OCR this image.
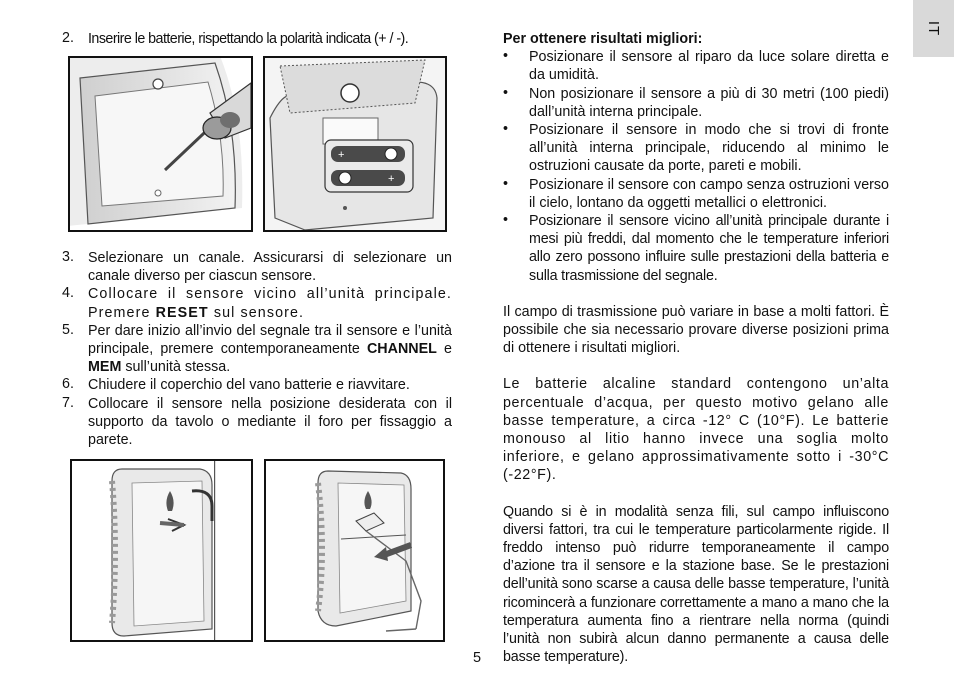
IT
2. Inserire le batterie, rispettando la polarità indicata (+ / -).

+
+
3. Selezionare un canale. Assicurarsi di selezionare un canale diverso per ciascun sensore.

4. Collocare il sensore vicino all’unità principale. Premere RESET sul sensore.

5. Per dare inizio all’invio del segnale tra il sensore e l’unità principale, premere contemporaneamente CHANNEL e MEM sull’unità stessa.

6. Chiudere il coperchio del vano batterie e riavvitare.

7. Collocare il sensore nella posizione desiderata con il supporto da tavolo o mediante il foro per fissaggio a parete.

Per ottenere risultati migliori:

•	Posizionare il sensore al riparo da luce solare diretta e da umidità.

•	Non posizionare il sensore a più di 30 metri (100 piedi) dall’unità interna principale.

•	Posizionare il sensore in modo che si trovi di fronte all’unità interna principale, riducendo al minimo le ostruzioni causate da porte, pareti e mobili.

•	Posizionare il sensore con campo senza ostruzioni verso il cielo, lontano da oggetti metallici o elettronici.

•	Posizionare il sensore vicino all’unità principale durante i mesi più freddi, dal momento che le temperature inferiori allo zero possono influire sulle prestazioni della batteria e sulla trasmissione del segnale.

Il campo di trasmissione può variare in base a molti fattori. È possibile che sia necessario provare diverse posizioni prima di ottenere i risultati migliori.

Le batterie alcaline standard contengono un’alta percentuale d’acqua, per questo motivo gelano alle basse temperature, a circa -12° C (10°F). Le batterie monouso al litio hanno invece una soglia molto inferiore, e gelano approssimativamente sotto i -30°C (-22°F).

Quando si è in modalità senza fili, sul campo influiscono diversi fattori, tra cui le temperature particolarmente rigide. Il freddo intenso può ridurre temporaneamente il campo d’azione tra il sensore e la stazione base. Se le prestazioni dell’unità sono scarse a causa delle basse temperature, l’unità ricomincerà a funzionare correttamente a mano a mano che la temperatura aumenta fino a rientrare nella norma (quindi l’unità non subirà alcun danno permanente a causa delle basse temperature).

5
